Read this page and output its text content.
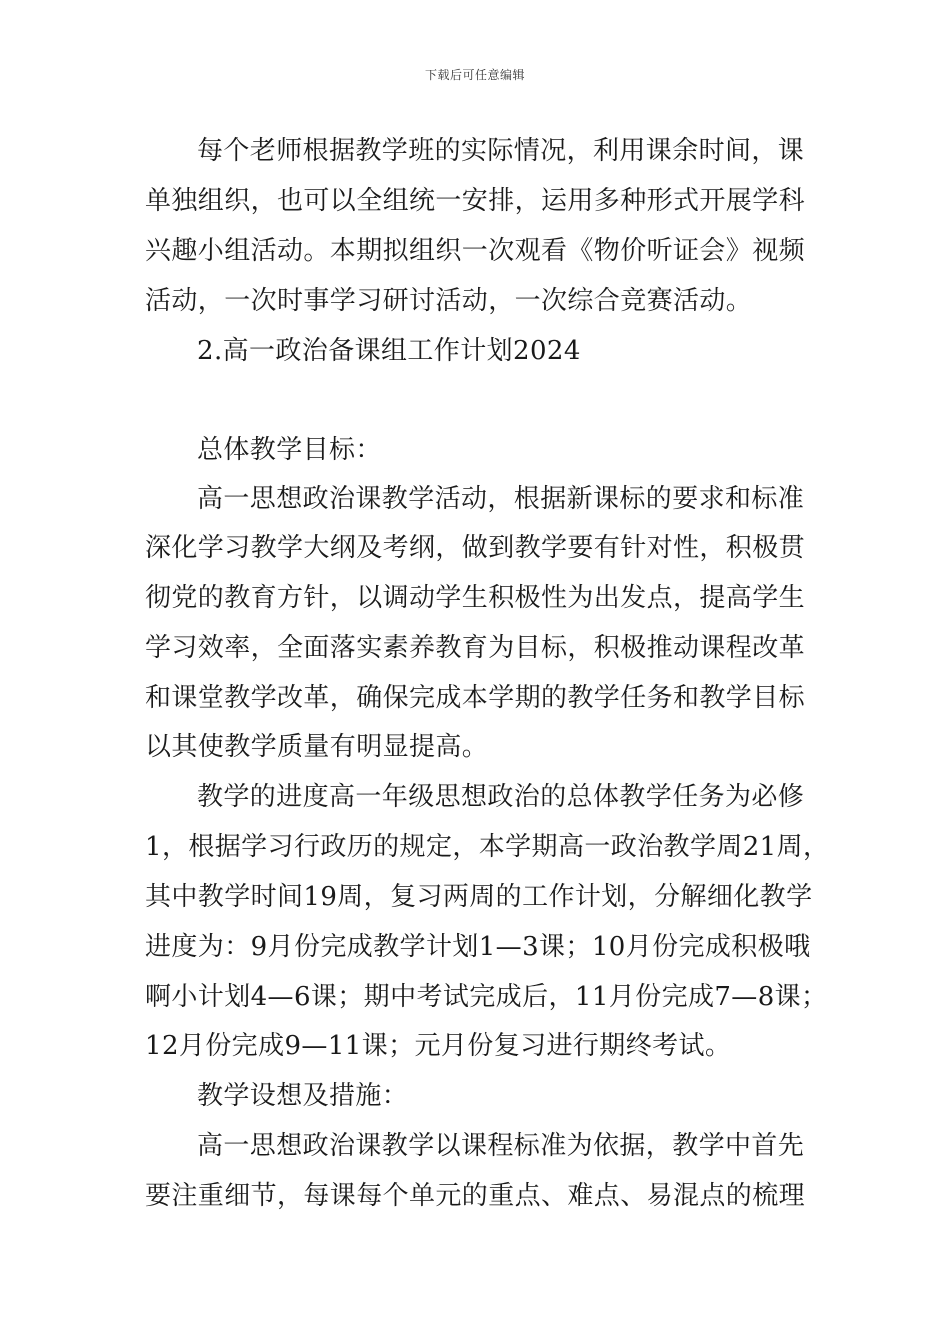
下载后可任意编辑
每个老师根据教学班的实际情况，利用课余时间，课
单独组织，也可以全组统一安排，运用多种形式开展学科
兴趣小组活动。本期拟组织一次观看《物价听证会》视频
活动，一次时事学习研讨活动，一次综合竞赛活动。
2.高一政治备课组工作计划2024
总体教学目标：
高一思想政治课教学活动，根据新课标的要求和标准
深化学习教学大纲及考纲，做到教学要有针对性，积极贯
彻党的教育方针，以调动学生积极性为出发点，提高学生
学习效率，全面落实素养教育为目标，积极推动课程改革
和课堂教学改革，确保完成本学期的教学任务和教学目标
以其使教学质量有明显提高。
教学的进度高一年级思想政治的总体教学任务为必修
1，根据学习行政历的规定，本学期高一政治教学周21周，
其中教学时间19周，复习两周的工作计划，分解细化教学
进度为：9月份完成教学计划1—3课；10月份完成积极哦
啊小计划4—6课；期中考试完成后，11月份完成7—8课；
12月份完成9—11课；元月份复习进行期终考试。
教学设想及措施：
高一思想政治课教学以课程标准为依据，教学中首先
要注重细节，每课每个单元的重点、难点、易混点的梳理
